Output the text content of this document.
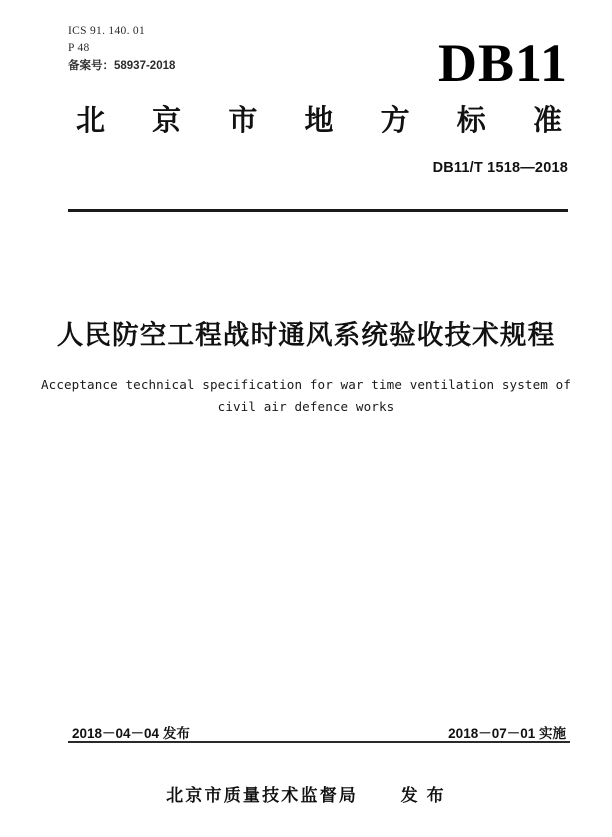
ICS 91. 140. 01
P 48
备案号：58937-2018	DB11
北 京 市 地 方 标 准
DB11/T 1518—2018
人民防空工程战时通风系统验收技术规程
Acceptance technical specification for war time ventilation system of
civil air defence works
2018－04－04 发布	2018－07－01 实施
北京市质量技术监督局 发 布
